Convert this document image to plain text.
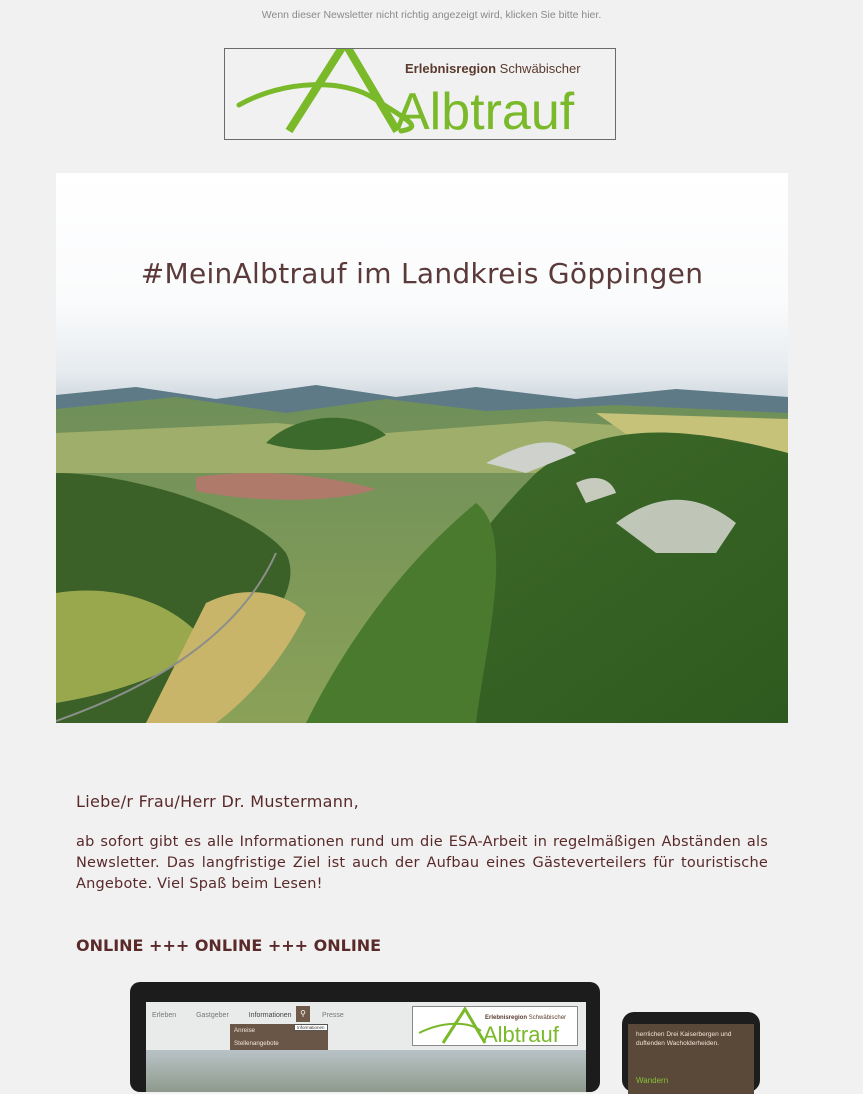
Wenn dieser Newsletter nicht richtig angezeigt wird, klicken Sie bitte hier.
Erlebnisregion Schwäbischer
Albtrauf
#MeinAlbtrauf im Landkreis Göppingen
Liebe/r Frau/Herr Dr. Mustermann,
ab sofort gibt es alle Informationen rund um die ESA-Arbeit in regelmäßigen Abständen als Newsletter. Das langfristige Ziel ist auch der Aufbau eines Gästeverteilers für touristische Angebote. Viel Spaß beim Lesen!
ONLINE +++ ONLINE +++ ONLINE
Erleben	Gastgeber	Informationen	⚲	Presse
Anreise
Stellenangebote
Informationen
Erlebnisregion Schwäbischer
Albtrauf	herrlichen Drei Kaiserbergen und duftenden Wacholderheiden.
Wandern
